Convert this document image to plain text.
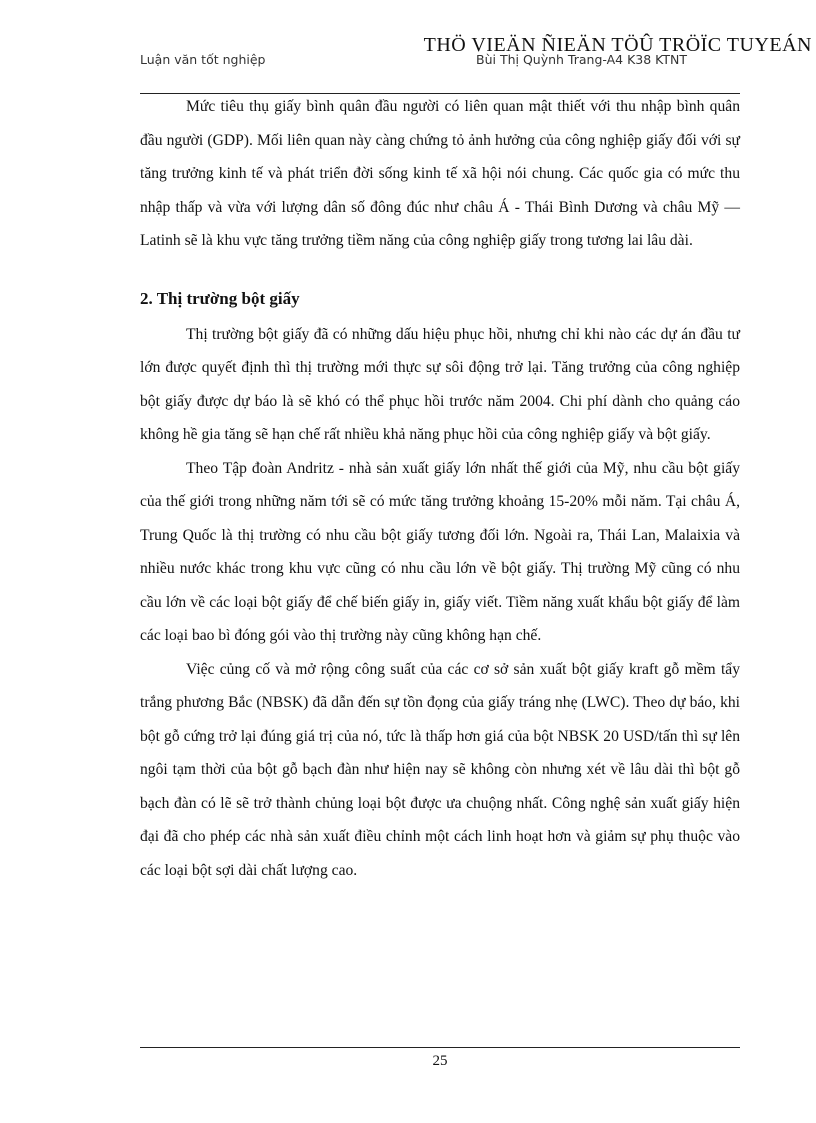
THÖ VIEÄN ÑIEÄN TÖÛ TRÖÏC TUYEÁN
Luận văn tốt nghiệp	Bùi Thị Quỳnh Trang-A4 K38 KTNT

Mức tiêu thụ giấy bình quân đầu người có liên quan mật thiết với thu nhập bình quân đầu người (GDP). Mối liên quan này càng chứng tỏ ảnh hưởng của công nghiệp giấy đối với sự tăng trưởng kinh tế và phát triển đời sống kinh tế xã hội nói chung. Các quốc gia có mức thu nhập thấp và vừa với lượng dân số đông đúc như châu Á - Thái Bình Dương và châu Mỹ — Latinh sẽ là khu vực tăng trưởng tiềm năng của công nghiệp giấy trong tương lai lâu dài.

2. Thị trường bột giấy

Thị trường bột giấy đã có những dấu hiệu phục hồi, nhưng chỉ khi nào các dự án đầu tư lớn được quyết định thì thị trường mới thực sự sôi động trở lại. Tăng trưởng của công nghiệp bột giấy được dự báo là sẽ khó có thể phục hồi trước năm 2004. Chi phí dành cho quảng cáo không hề gia tăng sẽ hạn chế rất nhiều khả năng phục hồi của công nghiệp giấy và bột giấy.

Theo Tập đoàn Andritz - nhà sản xuất giấy lớn nhất thế giới của Mỹ, nhu cầu bột giấy của thế giới trong những năm tới sẽ có mức tăng trưởng khoảng 15-20% mỗi năm. Tại châu Á, Trung Quốc là thị trường có nhu cầu bột giấy tương đối lớn. Ngoài ra, Thái Lan, Malaixia và nhiều nước khác trong khu vực cũng có nhu cầu lớn về bột giấy. Thị trường Mỹ cũng có nhu cầu lớn về các loại bột giấy để chế biến giấy in, giấy viết. Tiềm năng xuất khẩu bột giấy để làm các loại bao bì đóng gói vào thị trường này cũng không hạn chế.

Việc củng cố và mở rộng công suất của các cơ sở sản xuất bột giấy kraft gỗ mềm tẩy trắng phương Bắc (NBSK) đã dẫn đến sự tồn đọng của giấy tráng nhẹ (LWC). Theo dự báo, khi bột gỗ cứng trở lại đúng giá trị của nó, tức là thấp hơn giá của bột NBSK 20 USD/tấn thì sự lên ngôi tạm thời của bột gỗ bạch đàn như hiện nay sẽ không còn nhưng xét về lâu dài thì bột gỗ bạch đàn có lẽ sẽ trở thành chủng loại bột được ưa chuộng nhất. Công nghệ sản xuất giấy hiện đại đã cho phép các nhà sản xuất điều chỉnh một cách linh hoạt hơn và giảm sự phụ thuộc vào các loại bột sợi dài chất lượng cao.

25
